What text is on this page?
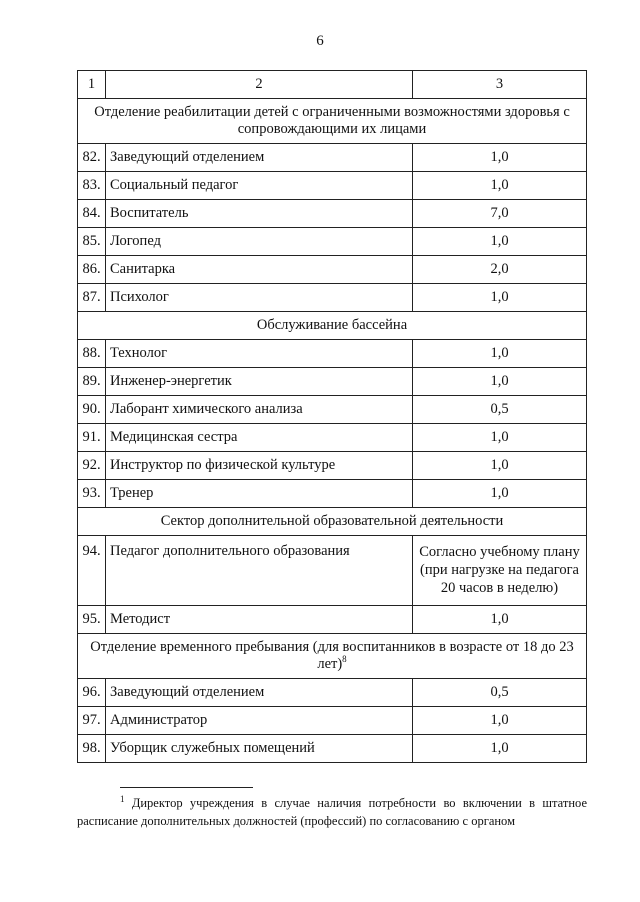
6
1	2	3
Отделение реабилитации детей с ограниченными возможностями здоровья с сопровождающими их лицами		
82.	Заведующий отделением	1,0
83.	Социальный педагог	1,0
84.	Воспитатель	7,0
85.	Логопед	1,0
86.	Санитарка	2,0
87.	Психолог	1,0
Обслуживание бассейна		
88.	Технолог	1,0
89.	Инженер-энергетик	1,0
90.	Лаборант химического анализа	0,5
91.	Медицинская сестра	1,0
92.	Инструктор по физической культуре	1,0
93.	Тренер	1,0
Сектор дополнительной образовательной деятельности		
94.	Педагог дополнительного образования	Согласно учебному плану (при нагрузке на педагога 20 часов в неделю)
95.	Методист	1,0
Отделение временного пребывания (для воспитанников в возрасте от 18 до 23 лет)$^8$
96.	Заведующий отделением	0,5
97.	Администратор	1,0
98.	Уборщик служебных помещений	1,0
$^1$ Директор учреждения в случае наличия потребности во включении в штатное расписание дополнительных должностей (профессий) по согласованию с органом
